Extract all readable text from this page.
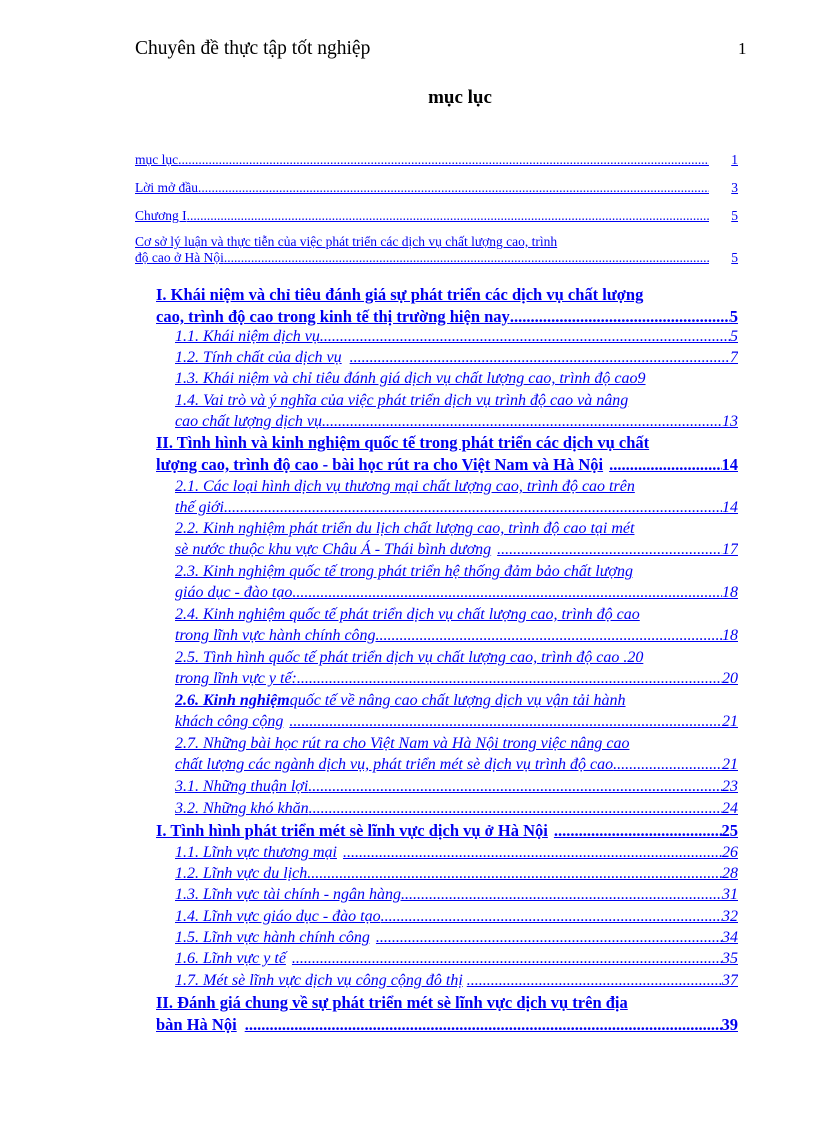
Chuyên đề thực tập tốt nghiệp	1
mục lục
mục lục .....	1
Lời mở đầu .....	3
Chương I .....	5
Cơ sở lý luận và thực tiễn của việc phát triển các dịch vụ chất lượng cao, trình
độ cao ở Hà Nội .....	5
I. Khái niệm và chỉ tiêu đánh giá sự phát triển các dịch vụ chất lượng
cao, trình độ cao trong kinh tế thị trường hiện nay .....	5
1.1. Khái niệm dịch vụ .....	5
1.2. Tính chất của dịch vụ .....	7
1.3. Khái niệm và chỉ tiêu đánh giá dịch vụ chất lượng cao, trình độ cao 9
1.4. Vai trò và ý nghĩa của việc phát triển dịch vụ trình độ cao và nâng
cao chất lượng dịch vụ .....	13
II. Tình hình và kinh nghiệm quốc tế trong phát triển các dịch vụ chất
lượng cao, trình độ cao - bài học rút ra cho Việt Nam và Hà Nội .....	14
2.1. Các loại hình dịch vụ thương mại chất lượng cao, trình độ cao trên
thế giới .....	14
2.2. Kinh nghiệm phát triển du lịch chất lượng cao, trình độ cao tại mét
sè nước thuộc khu vực Châu Á - Thái bình dương .....	17
2.3. Kinh nghiệm quốc tế trong phát triển hệ thống đảm bảo chất lượng
giáo dục - đào tạo .....	18
2.4. Kinh nghiệm quốc tế phát triển dịch vụ chất lượng cao, trình độ cao
trong lĩnh vực hành chính công .....	18
2.5. Tình hình quốc tế phát triển dịch vụ chất lượng cao, trình độ cao .20
trong lĩnh vực y tế: .....	20
2.6. Kinh nghiệm quốc tế về nâng cao chất lượng dịch vụ vận tải hành
khách công cộng .....	21
2.7. Những bài học rút ra cho Việt Nam và Hà Nội trong việc nâng cao
chất lượng các ngành dịch vụ, phát triển mét sè dịch vụ trình độ cao .....	21
3.1. Những thuận lợi .....	23
3.2. Những khó khăn .....	24
I. Tình hình phát triển mét sè lĩnh vực dịch vụ ở Hà Nội .....	25
1.1. Lĩnh vực thương mại .....	26
1.2. Lĩnh vực du lịch .....	28
1.3. Lĩnh vực tài chính - ngân hàng .....	31
1.4. Lĩnh vực giáo dục - đào tạo .....	32
1.5. Lĩnh vực hành chính công .....	34
1.6. Lĩnh vực y tế .....	35
1.7. Mét sè lĩnh vực dịch vụ công cộng đô thị .....	37
II. Đánh giá chung về sự phát triển mét sè lĩnh vực dịch vụ trên địa
bàn Hà Nội .....	39
